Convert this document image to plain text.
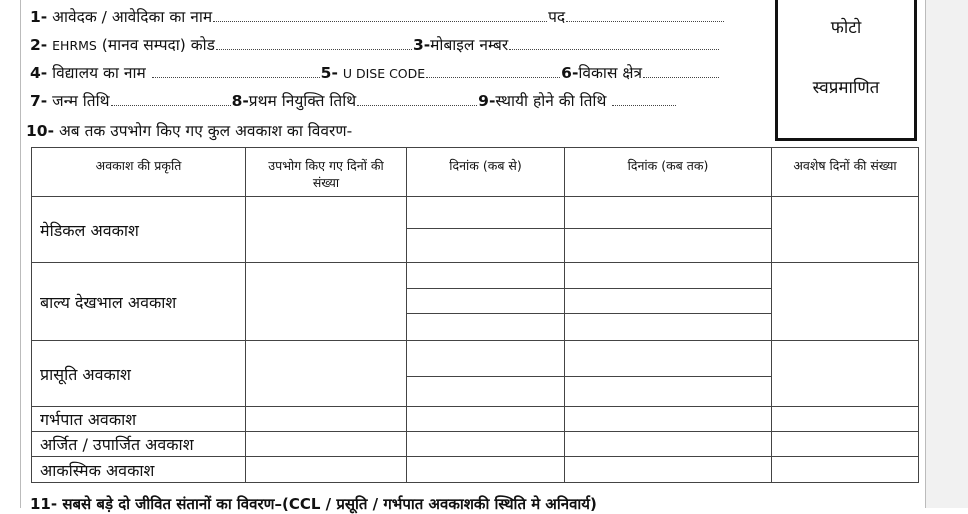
1- आवेदक / आवेदिका का नाम	पद
2- EHRMS (मानव सम्पदा) कोड	3-मोबाइल नम्बर
4- विद्यालय का नाम	5- U DISE CODE	6-विकास क्षेत्र
7- जन्म तिथि	8-प्रथम नियुक्ति तिथि	9-स्थायी होने की तिथि
10- अब तक उपभोग किए गए कुल अवकाश का विवरण-
फोटो
स्वप्रमाणित
अवकाश की प्रकृति	उपभोग किए गए दिनों की संख्या	दिनांक (कब से)	दिनांक (कब तक)	अवशेष दिनों की संख्या
मेडिकल अवकाश				

बाल्य देखभाल अवकाश				

प्रासूति अवकाश				

गर्भपात अवकाश				
अर्जित / उपार्जित अवकाश				
आकस्मिक अवकाश				
11- सबसे बड़े दो जीवित संतानों का विवरण–(CCL / प्रसूति / गर्भपात अवकाशकी स्थिति मे अनिवार्य)
